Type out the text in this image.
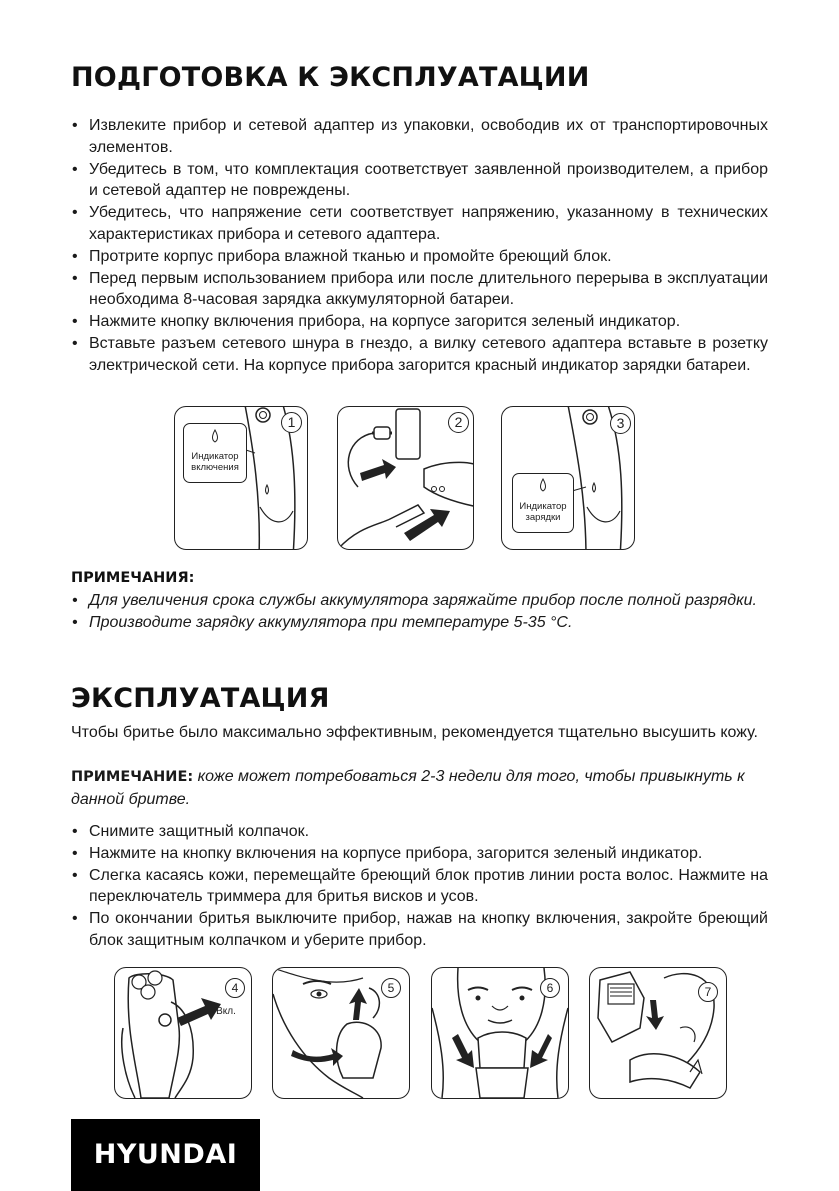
ПОДГОТОВКА К ЭКСПЛУАТАЦИИ
• Извлеките прибор и сетевой адаптер из упаковки, освободив их от транспортировочных элементов.
• Убедитесь в том, что комплектация соответствует заявленной производителем, а прибор и сетевой адаптер не повреждены.
• Убедитесь, что напряжение сети соответствует напряжению, указанному в технических характеристиках прибора и сетевого адаптера.
• Протрите корпус прибора влажной тканью и промойте бреющий блок.
• Перед первым использованием прибора или после длительного перерыва в эксплуатации необходима 8-часовая зарядка аккумуляторной батареи.
• Нажмите кнопку включения прибора, на корпусе загорится зеленый индикатор.
• Вставьте разъем сетевого шнура в гнездо, а вилку сетевого адаптера вставьте в розетку электрической сети. На корпусе прибора загорится красный индикатор зарядки батареи.
Индикатор
включения
1	2
Индикатор
зарядки
3
ПРИМЕЧАНИЯ:
• Для увеличения срока службы аккумулятора заряжайте прибор после полной разрядки.
• Производите зарядку аккумулятора при температуре 5-35 °С.
ЭКСПЛУАТАЦИЯ

Чтобы бритье было максимально эффективным, рекомендуется тщательно высушить кожу.

ПРИМЕЧАНИЕ: коже может потребоваться 2-3 недели для того, чтобы привыкнуть к данной бритве.

• Снимите защитный колпачок.
• Нажмите на кнопку включения на корпусе прибора, загорится зеленый индикатор.
• Слегка касаясь кожи, перемещайте бреющий блок против линии роста волос. Нажмите на переключатель триммера для бритья висков и усов.
• По окончании бритья выключите прибор, нажав на кнопку включения, закройте бреющий блок защитным колпачком и уберите прибор.
Вкл.
4	5	6	7
HYUNDAI
